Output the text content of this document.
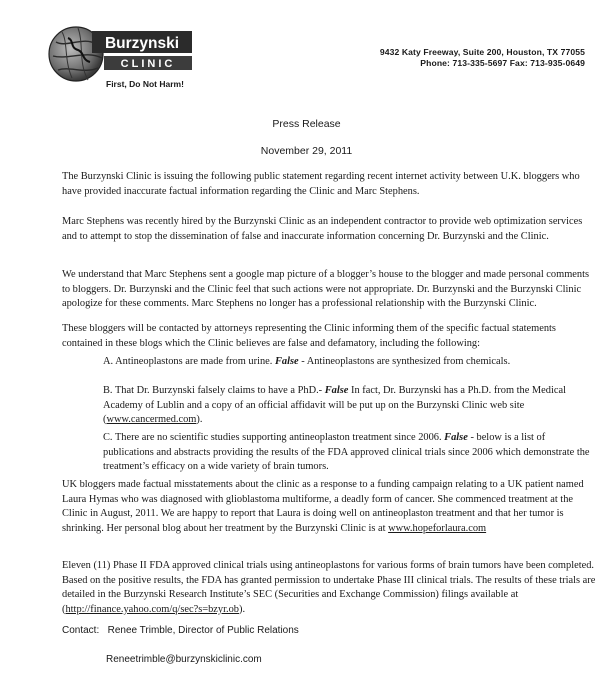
Burzynski
CLINIC
First, Do Not Harm!
9432 Katy Freeway, Suite 200, Houston, TX 77055
Phone: 713-335-5697 Fax: 713-935-0649
Press Release
November 29, 2011
The Burzynski Clinic is issuing the following public statement regarding recent internet activity between U.K. bloggers who have provided inaccurate factual information regarding the Clinic and Marc Stephens.
Marc Stephens was recently hired by the Burzynski Clinic as an independent contractor to provide web optimization services and to attempt to stop the dissemination of false and inaccurate information concerning Dr. Burzynski and the Clinic.
We understand that Marc Stephens sent a google map picture of a blogger’s house to the blogger and made personal comments to bloggers. Dr. Burzynski and the Clinic feel that such actions were not appropriate. Dr. Burzynski and the Burzynski Clinic apologize for these comments. Marc Stephens no longer has a professional relationship with the Burzynski Clinic.
These bloggers will be contacted by attorneys representing the Clinic informing them of the specific factual statements contained in these blogs which the Clinic believes are false and defamatory, including the following:
A. Antineoplastons are made from urine. False - Antineoplastons are synthesized from chemicals.
B. That Dr. Burzynski falsely claims to have a PhD.- False In fact, Dr. Burzynski has a Ph.D. from the Medical Academy of Lublin and a copy of an official affidavit will be put up on the Burzynski Clinic web site (www.cancermed.com).
C. There are no scientific studies supporting antineoplaston treatment since 2006. False - below is a list of publications and abstracts providing the results of the FDA approved clinical trials since 2006 which demonstrate the treatment’s efficacy on a wide variety of brain tumors.
UK bloggers made factual misstatements about the clinic as a response to a funding campaign relating to a UK patient named Laura Hymas who was diagnosed with glioblastoma multiforme, a deadly form of cancer. She commenced treatment at the Clinic in August, 2011. We are happy to report that Laura is doing well on antineoplaston treatment and that her tumor is shrinking. Her personal blog about her treatment by the Burzynski Clinic is at www.hopeforlaura.com
Eleven (11) Phase II FDA approved clinical trials using antineoplastons for various forms of brain tumors have been completed. Based on the positive results, the FDA has granted permission to undertake Phase III clinical trials. The results of these trials are detailed in the Burzynski Research Institute’s SEC (Securities and Exchange Commission) filings available at (http://finance.yahoo.com/q/sec?s=bzyr.ob).
Contact: Renee Trimble, Director of Public Relations
Reneetrimble@burzynskiclinic.com
